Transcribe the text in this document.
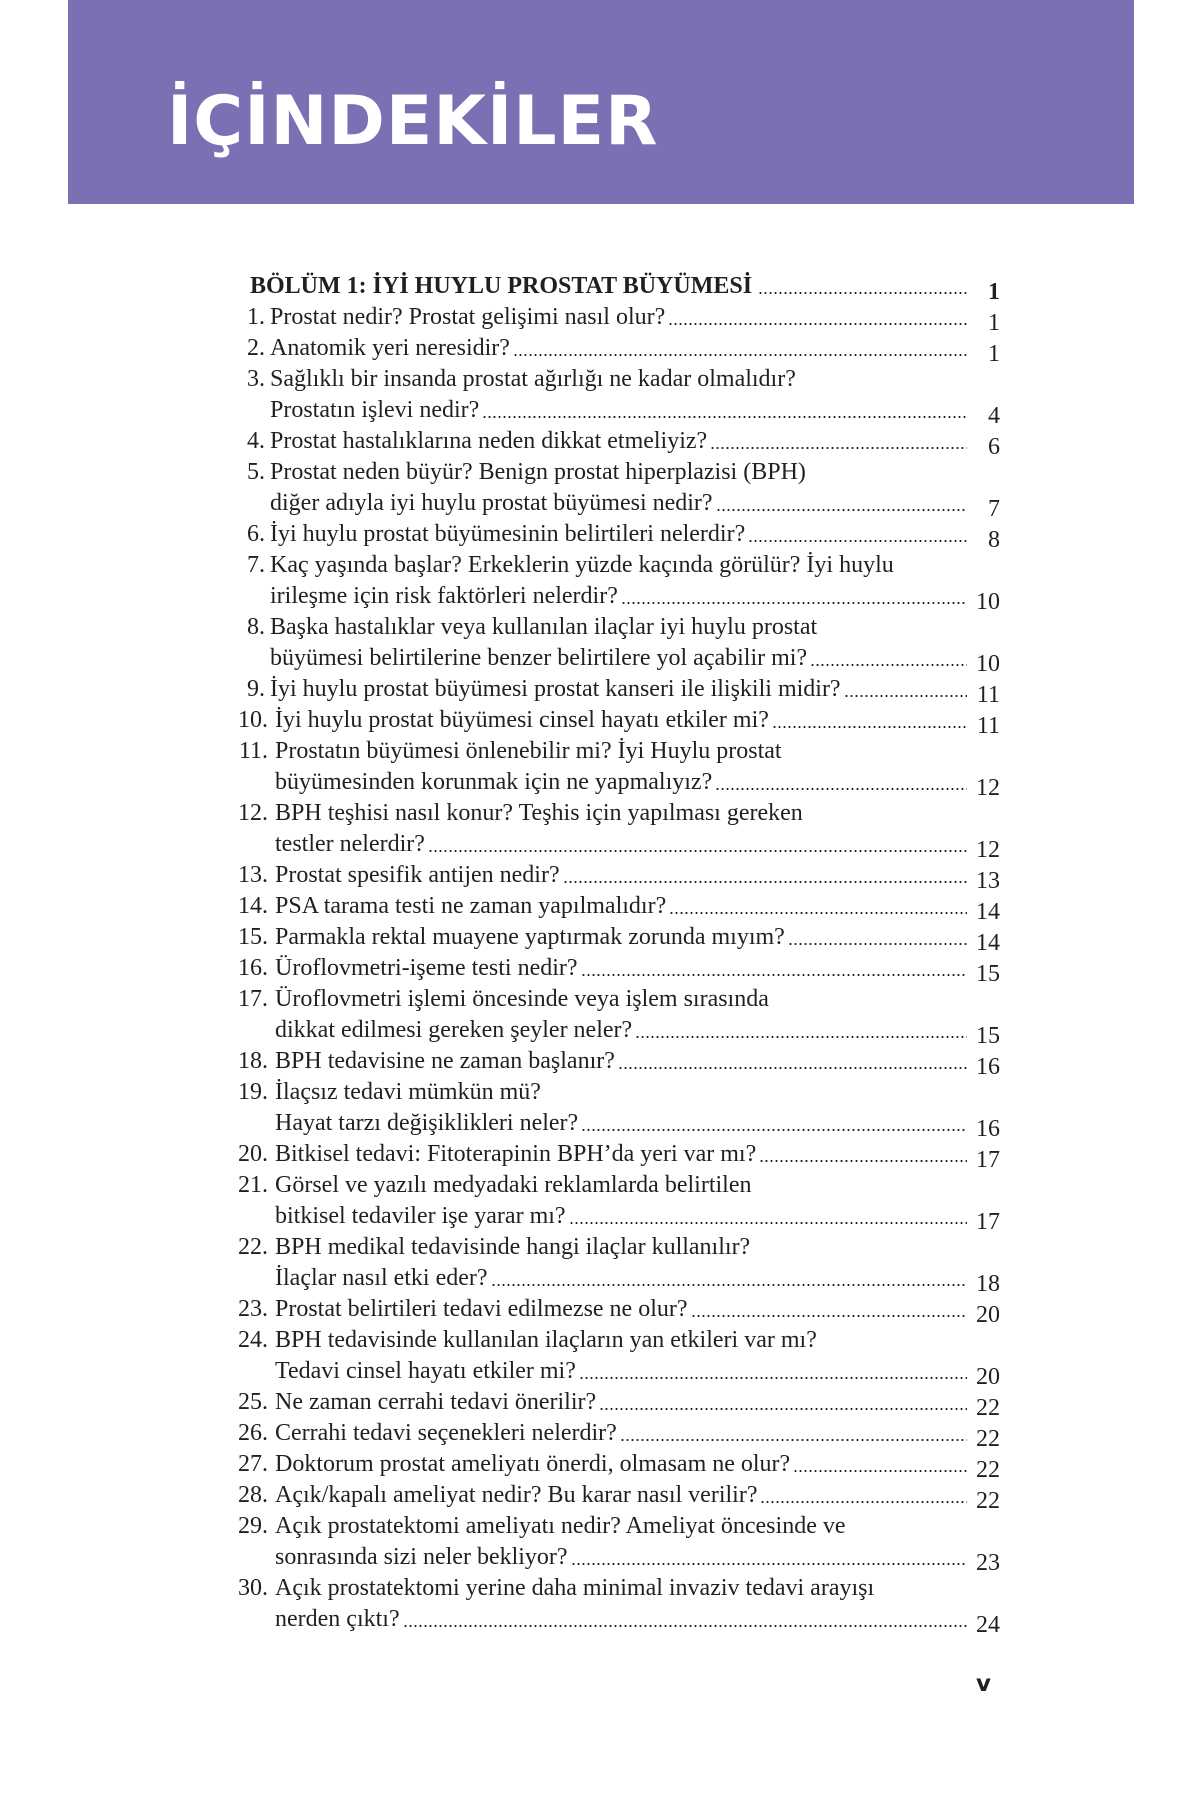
İÇİNDEKİLER
BÖLÜM 1: İYİ HUYLU PROSTAT BÜYÜMESİ	1
1. Prostat nedir? Prostat gelişimi nasıl olur?	1
2. Anatomik yeri neresidir?	1
3. Sağlıklı bir insanda prostat ağırlığı ne kadar olmalıdır?
Prostatın işlevi nedir?	4
4. Prostat hastalıklarına neden dikkat etmeliyiz?	6
5. Prostat neden büyür? Benign prostat hiperplazisi (BPH)
diğer adıyla iyi huylu prostat büyümesi nedir?	7
6. İyi huylu prostat büyümesinin belirtileri nelerdir?	8
7. Kaç yaşında başlar? Erkeklerin yüzde kaçında görülür? İyi huylu
irileşme için risk faktörleri nelerdir?	10
8. Başka hastalıklar veya kullanılan ilaçlar iyi huylu prostat
büyümesi belirtilerine benzer belirtilere yol açabilir mi?	10
9. İyi huylu prostat büyümesi prostat kanseri ile ilişkili midir?	11
10. İyi huylu prostat büyümesi cinsel hayatı etkiler mi?	11
11. Prostatın büyümesi önlenebilir mi? İyi Huylu prostat
büyümesinden korunmak için ne yapmalıyız?	12
12. BPH teşhisi nasıl konur? Teşhis için yapılması gereken
testler nelerdir?	12
13. Prostat spesifik antijen nedir?	13
14. PSA tarama testi ne zaman yapılmalıdır?	14
15. Parmakla rektal muayene yaptırmak zorunda mıyım?	14
16. Üroflovmetri-işeme testi nedir?	15
17. Üroflovmetri işlemi öncesinde veya işlem sırasında
dikkat edilmesi gereken şeyler neler?	15
18. BPH tedavisine ne zaman başlanır?	16
19. İlaçsız tedavi mümkün mü?
Hayat tarzı değişiklikleri neler?	16
20. Bitkisel tedavi: Fitoterapinin BPH’da yeri var mı?	17
21. Görsel ve yazılı medyadaki reklamlarda belirtilen
bitkisel tedaviler işe yarar mı?	17
22. BPH medikal tedavisinde hangi ilaçlar kullanılır?
İlaçlar nasıl etki eder?	18
23. Prostat belirtileri tedavi edilmezse ne olur?	20
24. BPH tedavisinde kullanılan ilaçların yan etkileri var mı?
Tedavi cinsel hayatı etkiler mi?	20
25. Ne zaman cerrahi tedavi önerilir?	22
26. Cerrahi tedavi seçenekleri nelerdir?	22
27. Doktorum prostat ameliyatı önerdi, olmasam ne olur?	22
28. Açık/kapalı ameliyat nedir? Bu karar nasıl verilir?	22
29. Açık prostatektomi ameliyatı nedir? Ameliyat öncesinde ve
sonrasında sizi neler bekliyor?	23
30. Açık prostatektomi yerine daha minimal invaziv tedavi arayışı
nerden çıktı?	24

v
